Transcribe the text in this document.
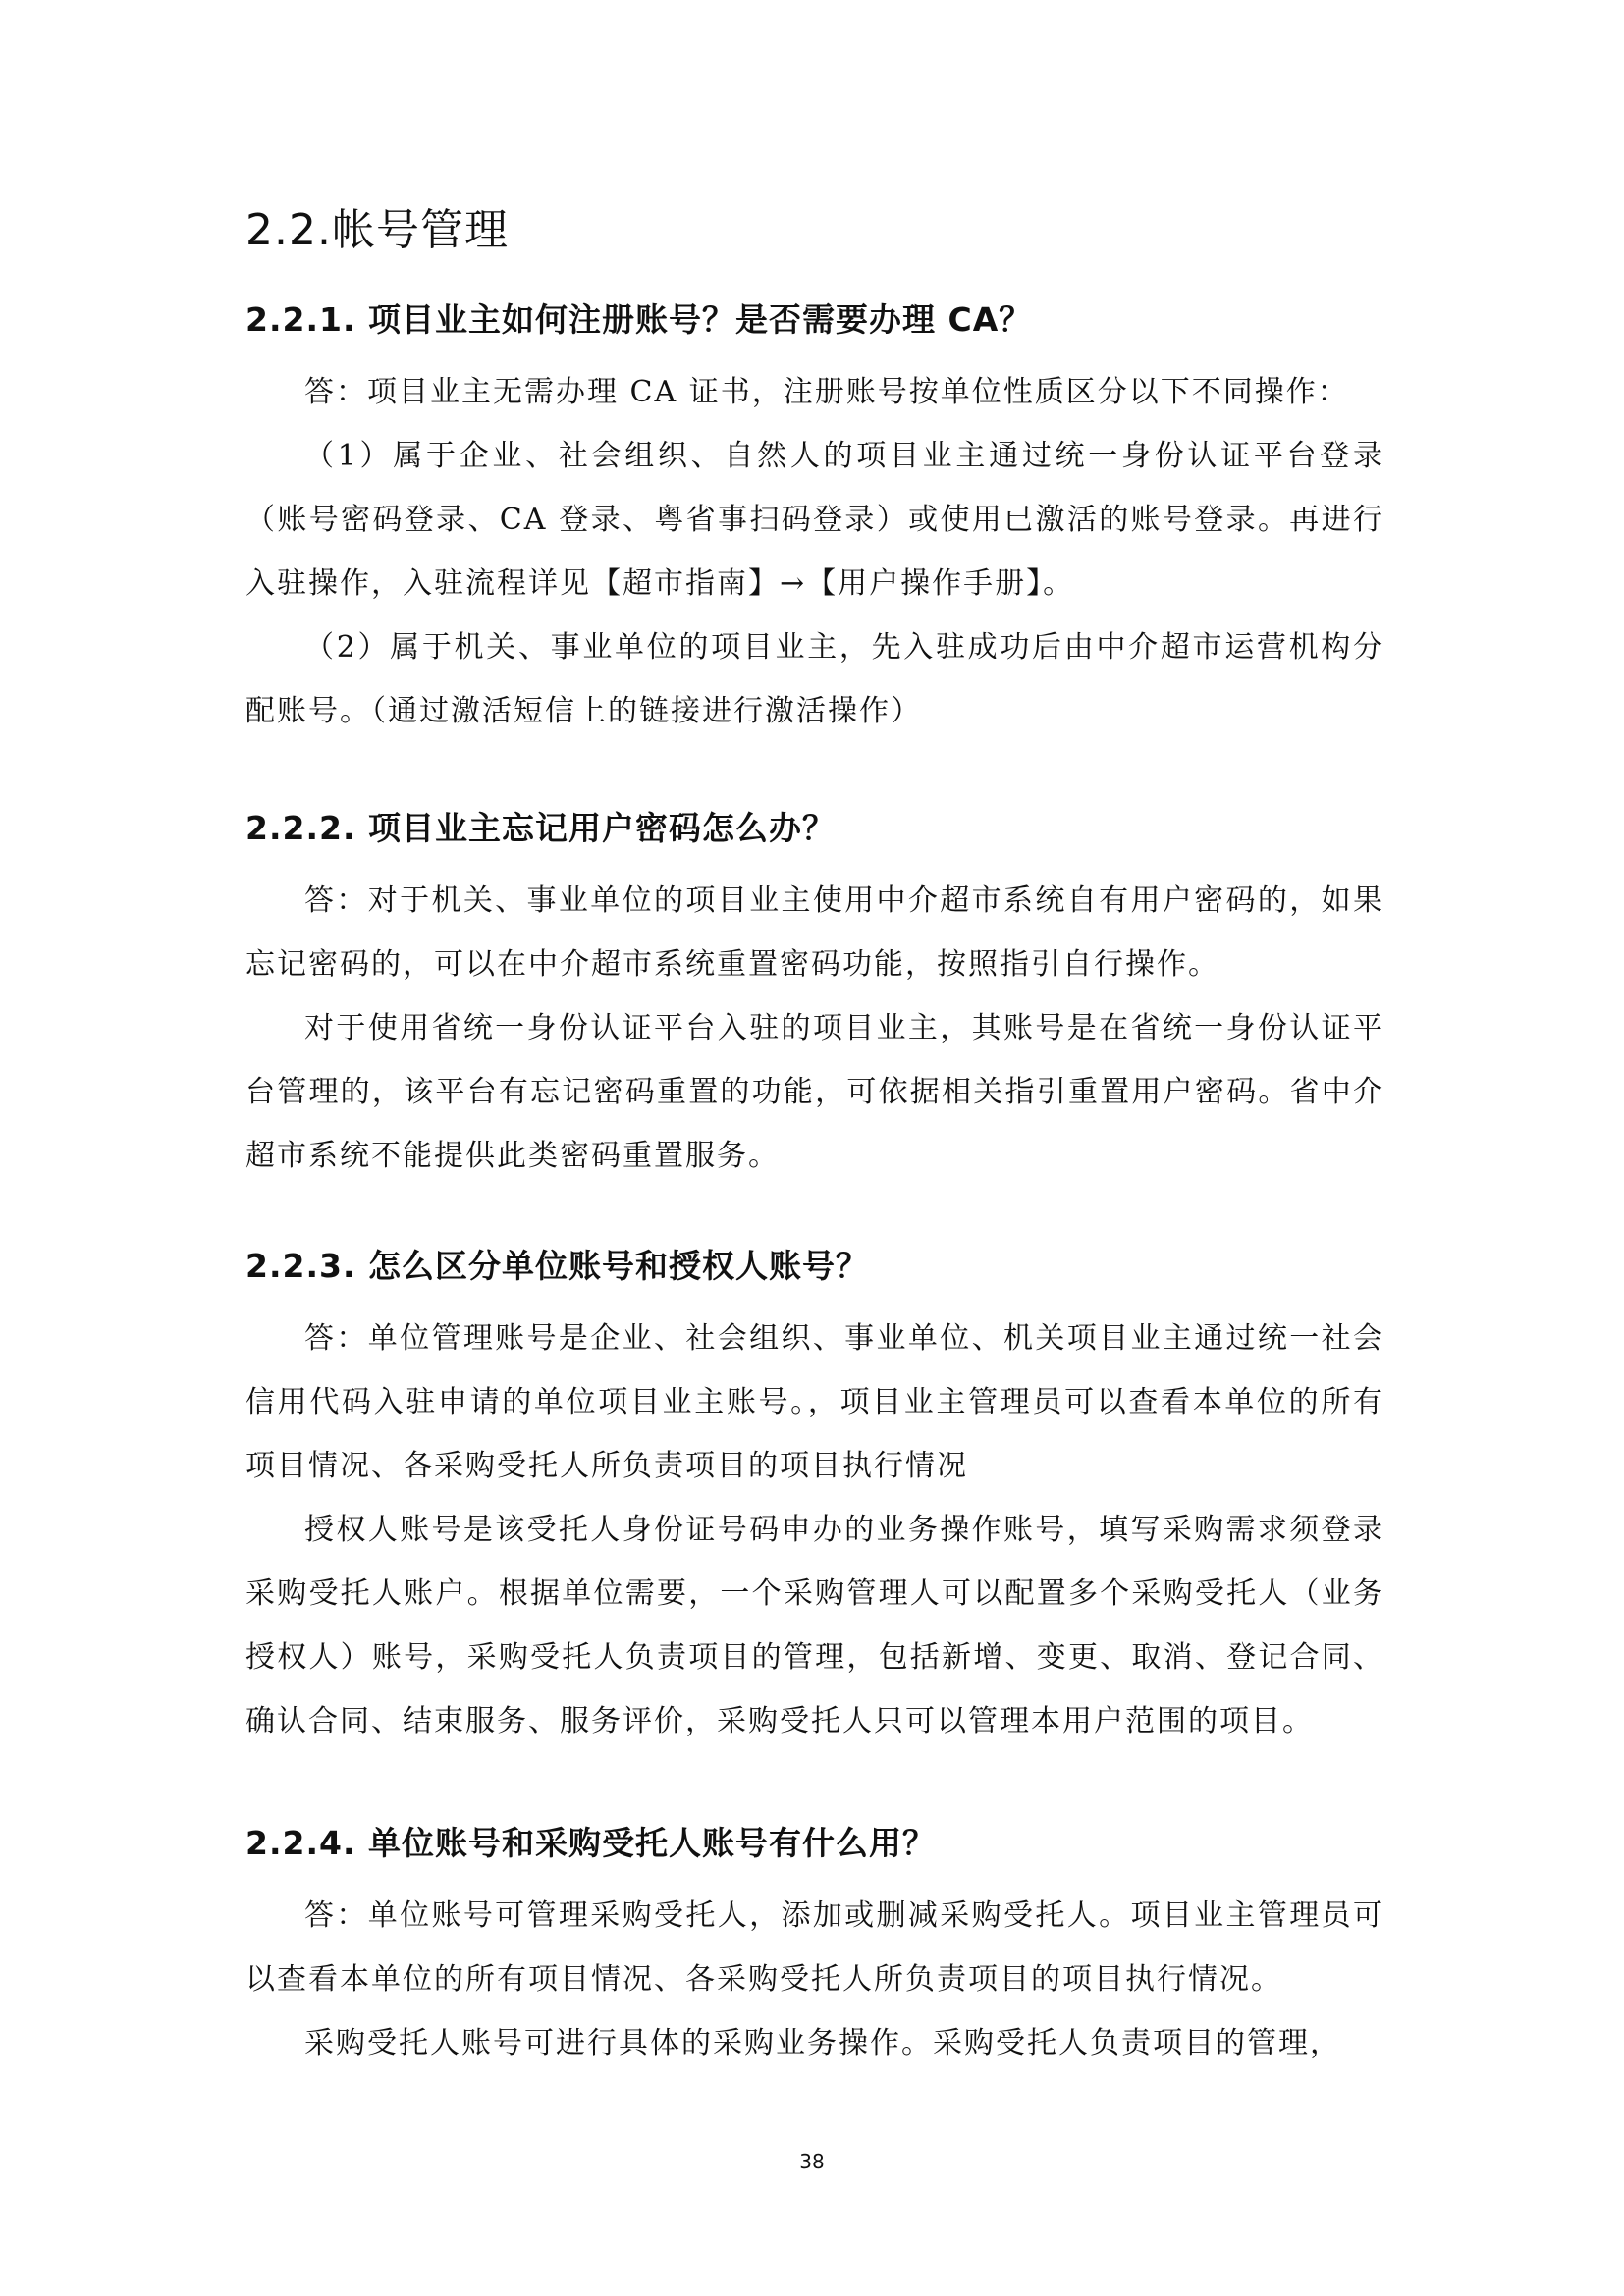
2.2.帐号管理
2.2.1. 项目业主如何注册账号？是否需要办理 CA？

答：项目业主无需办理 CA 证书，注册账号按单位性质区分以下不同操作：

（1）属于企业、社会组织、自然人的项目业主通过统一身份认证平台登录（账号密码登录、CA 登录、粤省事扫码登录）或使用已激活的账号登录。再进行入驻操作，入驻流程详见【超市指南】→【用户操作手册】。

（2）属于机关、事业单位的项目业主，先入驻成功后由中介超市运营机构分配账号。（通过激活短信上的链接进行激活操作）

2.2.2. 项目业主忘记用户密码怎么办？

答：对于机关、事业单位的项目业主使用中介超市系统自有用户密码的，如果忘记密码的，可以在中介超市系统重置密码功能，按照指引自行操作。

对于使用省统一身份认证平台入驻的项目业主，其账号是在省统一身份认证平台管理的，该平台有忘记密码重置的功能，可依据相关指引重置用户密码。省中介超市系统不能提供此类密码重置服务。

2.2.3. 怎么区分单位账号和授权人账号？

答：单位管理账号是企业、社会组织、事业单位、机关项目业主通过统一社会信用代码入驻申请的单位项目业主账号。，项目业主管理员可以查看本单位的所有项目情况、各采购受托人所负责项目的项目执行情况

授权人账号是该受托人身份证号码申办的业务操作账号，填写采购需求须登录采购受托人账户。根据单位需要，一个采购管理人可以配置多个采购受托人（业务授权人）账号，采购受托人负责项目的管理，包括新增、变更、取消、登记合同、确认合同、结束服务、服务评价，采购受托人只可以管理本用户范围的项目。

2.2.4. 单位账号和采购受托人账号有什么用？

答：单位账号可管理采购受托人，添加或删减采购受托人。项目业主管理员可以查看本单位的所有项目情况、各采购受托人所负责项目的项目执行情况。

采购受托人账号可进行具体的采购业务操作。采购受托人负责项目的管理，

38
